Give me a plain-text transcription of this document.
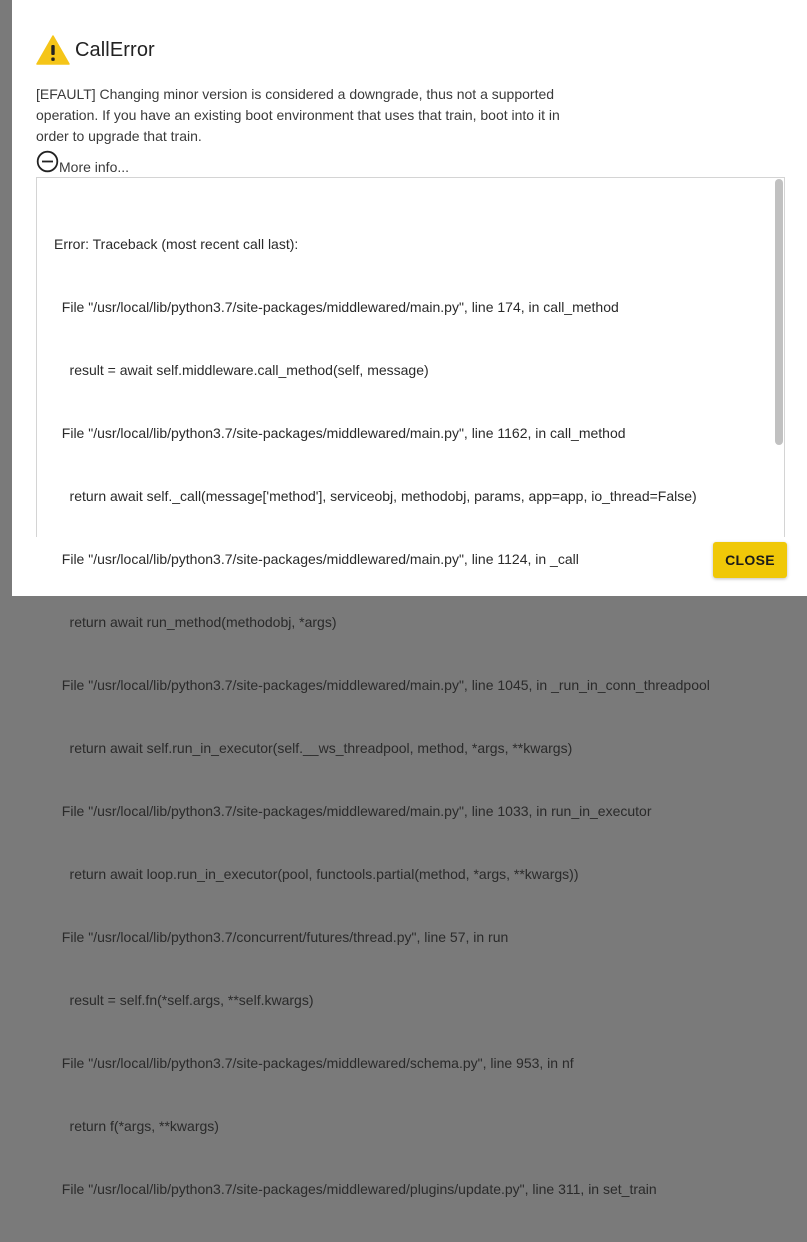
CallError
[EFAULT] Changing minor version is considered a downgrade, thus not a supported operation. If you have an existing boot environment that uses that train, boot into it in order to upgrade that train.
More info...

Error: Traceback (most recent call last):

File "/usr/local/lib/python3.7/site-packages/middlewared/main.py", line 174, in call_method

result = await self.middleware.call_method(self, message)

File "/usr/local/lib/python3.7/site-packages/middlewared/main.py", line 1162, in call_method

return await self._call(message['method'], serviceobj, methodobj, params, app=app, io_thread=False)

File "/usr/local/lib/python3.7/site-packages/middlewared/main.py", line 1124, in _call

return await run_method(methodobj, *args)

File "/usr/local/lib/python3.7/site-packages/middlewared/main.py", line 1045, in _run_in_conn_threadpool

return await self.run_in_executor(self.__ws_threadpool, method, *args, **kwargs)

File "/usr/local/lib/python3.7/site-packages/middlewared/main.py", line 1033, in run_in_executor

return await loop.run_in_executor(pool, functools.partial(method, *args, **kwargs))

File "/usr/local/lib/python3.7/concurrent/futures/thread.py", line 57, in run

result = self.fn(*self.args, **self.kwargs)

File "/usr/local/lib/python3.7/site-packages/middlewared/schema.py", line 953, in nf

return f(*args, **kwargs)

File "/usr/local/lib/python3.7/site-packages/middlewared/plugins/update.py", line 311, in set_train

CLOSE
